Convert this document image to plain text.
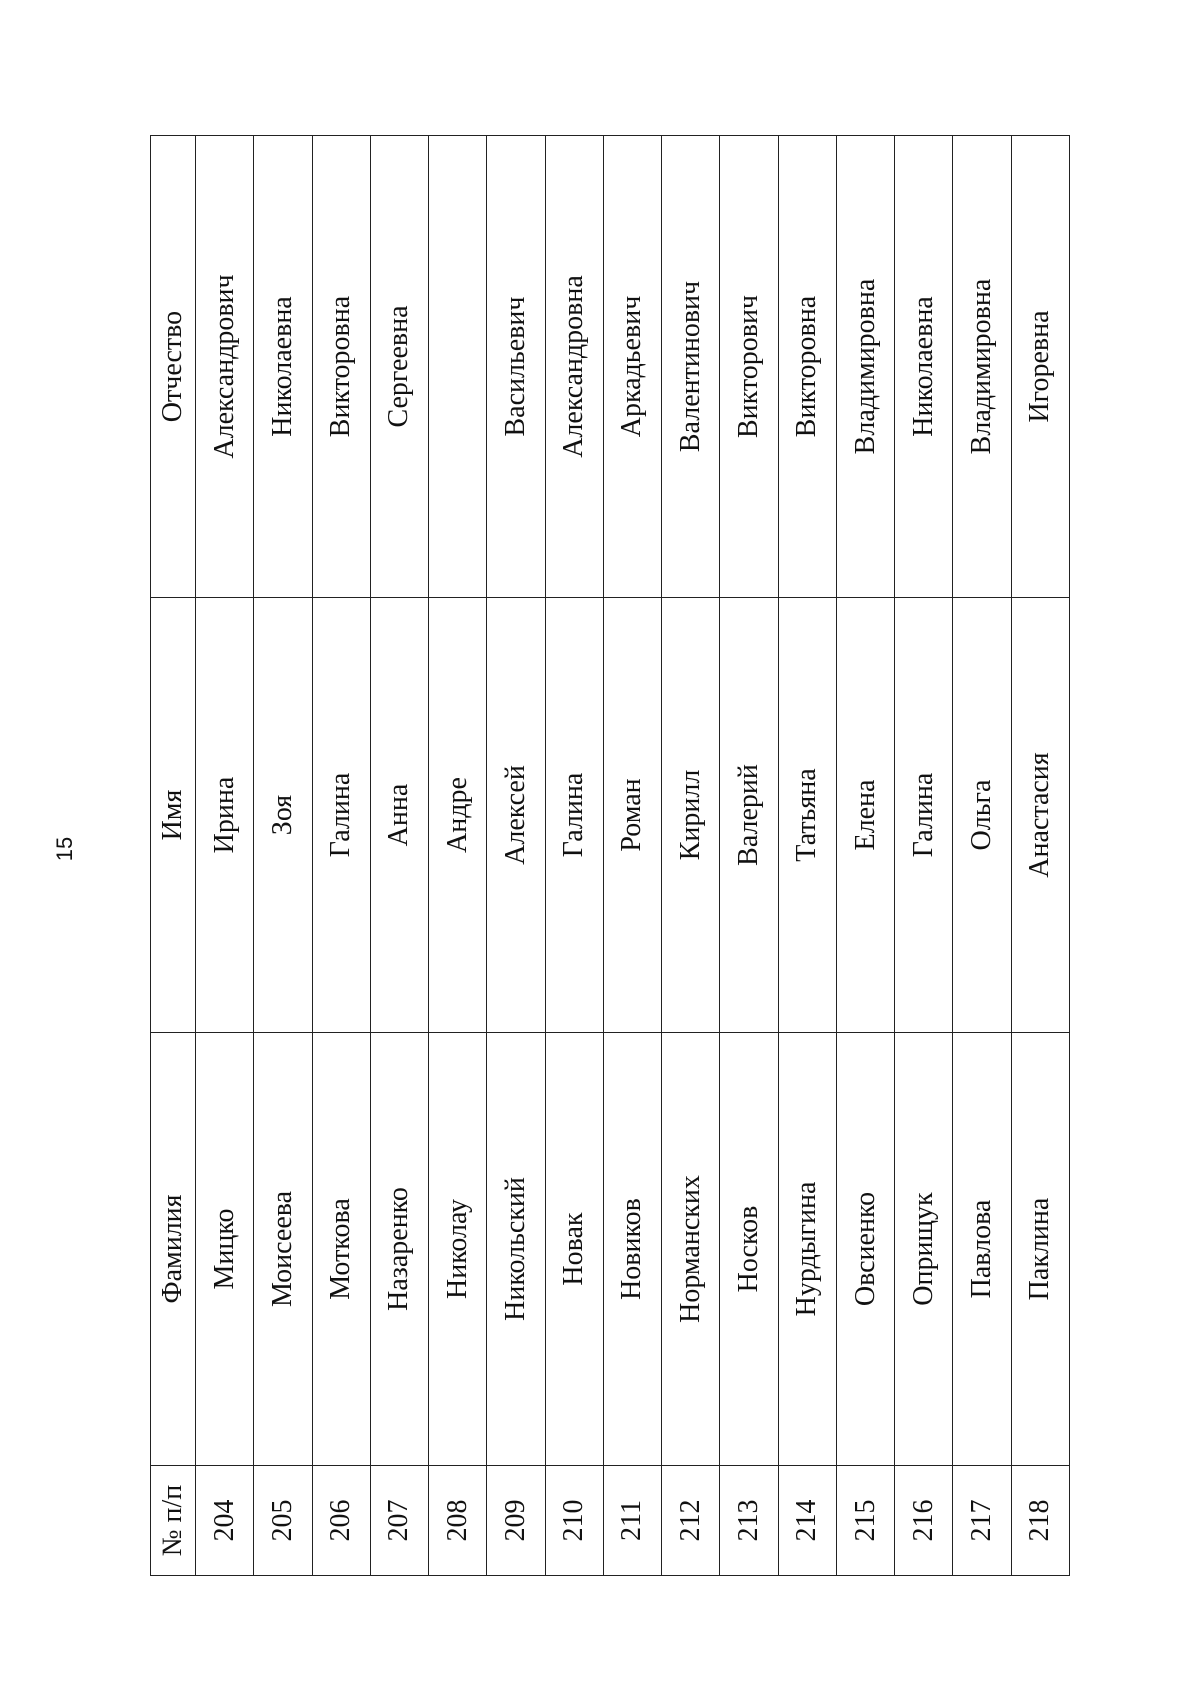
15
№ п/п	Фамилия	Имя	Отчество
204	Мицко	Ирина	Александрович
205	Моисеева	Зоя	Николаевна
206	Моткова	Галина	Викторовна
207	Назаренко	Анна	Сергеевна
208	Николау	Андре	
209	Никольский	Алексей	Васильевич
210	Новак	Галина	Александровна
211	Новиков	Роман	Аркадьевич
212	Норманских	Кирилл	Валентинович
213	Носков	Валерий	Викторович
214	Нурдыгина	Татьяна	Викторовна
215	Овсиенко	Елена	Владимировна
216	Оприщук	Галина	Николаевна
217	Павлова	Ольга	Владимировна
218	Паклина	Анастасия	Игоревна
